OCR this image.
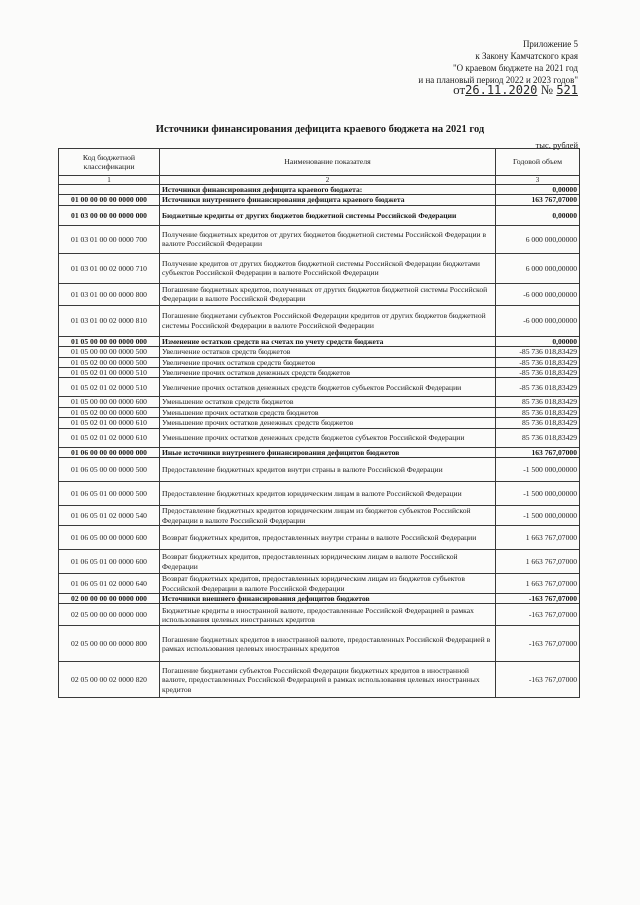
Приложение 5
к Закону Камчатского края
"О краевом бюджете на 2021 год
и на плановый период 2022 и 2023 годов"
от26.11.2020 № 521
Источники финансирования дефицита краевого бюджета на 2021 год
тыс. рублей
Код бюджетной классификации	Наименование показателя	Годовой объем
1	2	3
	Источники финансирования дефицита краевого бюджета:	0,00000
01 00 00 00 00 0000 000	Источники внутреннего финансирования дефицита краевого бюджета	163 767,07000
01 03 00 00 00 0000 000	Бюджетные кредиты от других бюджетов бюджетной системы Российской Федерации	0,00000
01 03 01 00 00 0000 700	Получение бюджетных кредитов от других бюджетов бюджетной системы Российской Федерации в валюте Российской Федерации	6 000 000,00000
01 03 01 00 02 0000 710	Получение кредитов от других бюджетов бюджетной системы Российской Федерации бюджетами субъектов Российской Федерации в валюте Российской Федерации	6 000 000,00000
01 03 01 00 00 0000 800	Погашение бюджетных кредитов, полученных от других бюджетов бюджетной системы Российской Федерации в валюте Российской Федерации	-6 000 000,00000
01 03 01 00 02 0000 810	Погашение бюджетами субъектов Российской Федерации кредитов от других бюджетов бюджетной системы Российской Федерации в валюте Российской Федерации	-6 000 000,00000
01 05 00 00 00 0000 000	Изменение остатков средств на счетах по учету средств бюджета	0,00000
01 05 00 00 00 0000 500	Увеличение остатков средств бюджетов	-85 736 018,83429
01 05 02 00 00 0000 500	Увеличение прочих остатков средств бюджетов	-85 736 018,83429
01 05 02 01 00 0000 510	Увеличение прочих остатков денежных средств бюджетов	-85 736 018,83429
01 05 02 01 02 0000 510	Увеличение прочих остатков денежных средств бюджетов субъектов Российской Федерации	-85 736 018,83429
01 05 00 00 00 0000 600	Уменьшение остатков средств бюджетов	85 736 018,83429
01 05 02 00 00 0000 600	Уменьшение прочих остатков средств бюджетов	85 736 018,83429
01 05 02 01 00 0000 610	Уменьшение прочих остатков денежных средств бюджетов	85 736 018,83429
01 05 02 01 02 0000 610	Уменьшение прочих остатков денежных средств бюджетов субъектов Российской Федерации	85 736 018,83429
01 06 00 00 00 0000 000	Иные источники внутреннего финансирования дефицитов бюджетов	163 767,07000
01 06 05 00 00 0000 500	Предоставление бюджетных кредитов внутри страны в валюте Российской Федерации	-1 500 000,00000
01 06 05 01 00 0000 500	Предоставление бюджетных кредитов юридическим лицам в валюте Российской Федерации	-1 500 000,00000
01 06 05 01 02 0000 540	Предоставление бюджетных кредитов юридическим лицам из бюджетов субъектов Российской Федерации в валюте Российской Федерации	-1 500 000,00000
01 06 05 00 00 0000 600	Возврат бюджетных кредитов, предоставленных внутри страны в валюте Российской Федерации	1 663 767,07000
01 06 05 01 00 0000 600	Возврат бюджетных кредитов, предоставленных юридическим лицам в валюте Российской Федерации	1 663 767,07000
01 06 05 01 02 0000 640	Возврат бюджетных кредитов, предоставленных юридическим лицам из бюджетов субъектов Российской Федерации в валюте Российской Федерации	1 663 767,07000
02 00 00 00 00 0000 000	Источники внешнего финансирования дефицитов бюджетов	-163 767,07000
02 05 00 00 00 0000 000	Бюджетные кредиты в иностранной валюте, предоставленные Российской Федерацией в рамках использования целевых иностранных кредитов	-163 767,07000
02 05 00 00 00 0000 800	Погашение бюджетных кредитов в иностранной валюте, предоставленных Российской Федерацией в рамках использования целевых иностранных кредитов	-163 767,07000
02 05 00 00 02 0000 820	Погашение бюджетами субъектов Российской Федерации бюджетных кредитов в иностранной валюте, предоставленных Российской Федерацией в рамках использования целевых иностранных кредитов	-163 767,07000
